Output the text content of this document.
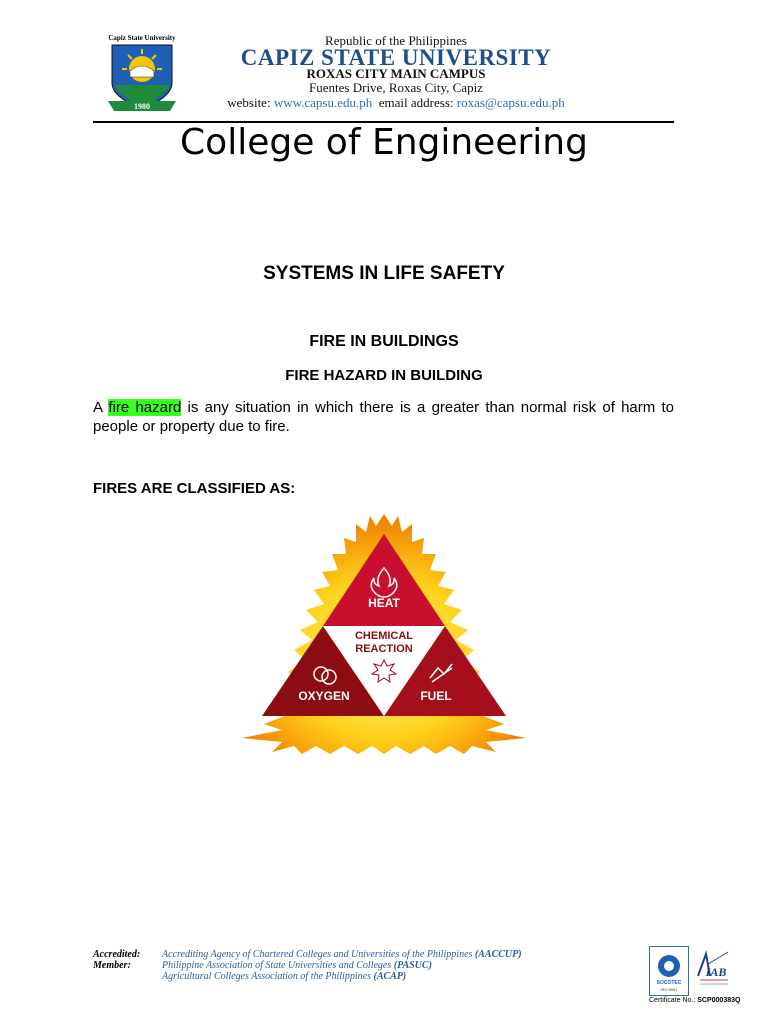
Capiz State University
1980
Republic of the Philippines
CAPIZ STATE UNIVERSITY
ROXAS CITY MAIN CAMPUS
Fuentes Drive, Roxas City, Capiz
website: www.capsu.edu.ph email address: roxas@capsu.edu.ph
College of Engineering
SYSTEMS IN LIFE SAFETY
FIRE IN BUILDINGS
FIRE HAZARD IN BUILDING
A fire hazard is any situation in which there is a greater than normal risk of harm to people or property due to fire.
FIRES ARE CLASSIFIED AS:
HEAT
CHEMICAL
REACTION
OXYGEN	FUEL
Accredited:
Member:
Accrediting Agency of Chartered Colleges and Universities of the Philippines (AACCUP)
Philippine Association of State Universities and Colleges (PASUC)
Agricultural Colleges Association of the Philippines (ACAP)
SOCOTEC
ISO 9001
IAB
Certificate No.: SCP000383Q
